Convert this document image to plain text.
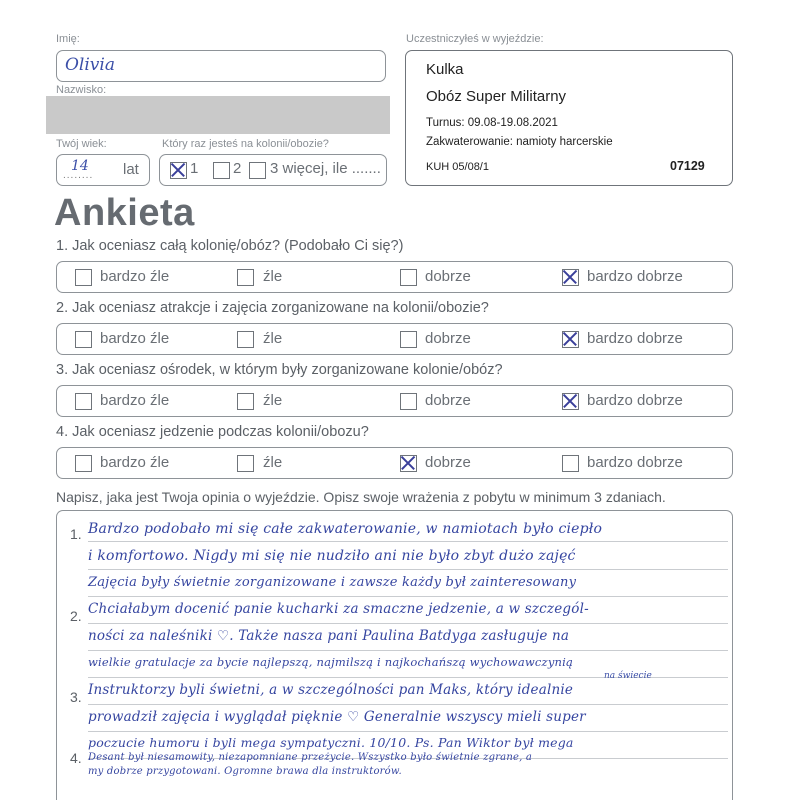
Imię:
Olivia
Nazwisko:
Twój wiek:
........
14 lat
Który raz jesteś na kolonii/obozie?
1 2 3 więcej, ile .......
Uczestniczyłeś w wyjeździe:
Kulka
Obóz Super Militarny
Turnus: 09.08-19.08.2021
Zakwaterowanie: namioty harcerskie
KUH 05/08/1	07129
Ankieta
1. Jak oceniasz całą kolonię/obóz? (Podobało Ci się?)
bardzo źle	źle	dobrze	bardzo dobrze
2. Jak oceniasz atrakcje i zajęcia zorganizowane na kolonii/obozie?
bardzo źle	źle	dobrze	bardzo dobrze
3. Jak oceniasz ośrodek, w którym były zorganizowane kolonie/obóz?
bardzo źle	źle	dobrze	bardzo dobrze
4. Jak oceniasz jedzenie podczas kolonii/obozu?
bardzo źle	źle	dobrze	bardzo dobrze
Napisz, jaka jest Twoja opinia o wyjeździe. Opisz swoje wrażenia z pobytu w minimum 3 zdaniach.
1.
2.
3.
4.
Bardzo podobało mi się całe zakwaterowanie, w namiotach było ciepło
i komfortowo. Nigdy mi się nie nudziło ani nie było zbyt dużo zajęć
Zajęcia były świetnie zorganizowane i zawsze każdy był zainteresowany
Chciałabym docenić panie kucharki za smaczne jedzenie, a w szczegól-
ności za naleśniki ♡. Także nasza pani Paulina Batdyga zasługuje na
wielkie gratulacje za bycie najlepszą, najmilszą i najkochańszą wychowawczynią
na świecie
Instruktorzy byli świetni, a w szczególności pan Maks, który idealnie
prowadził zajęcia i wyglądał pięknie ♡ Generalnie wszyscy mieli super
poczucie humoru i byli mega sympatyczni. 10/10. Ps. Pan Wiktor był mega
Desant był niesamowity, niezapomniane przeżycie. Wszystko było świetnie zgrane, a
my dobrze przygotowani. Ogromne brawa dla instruktorów.
